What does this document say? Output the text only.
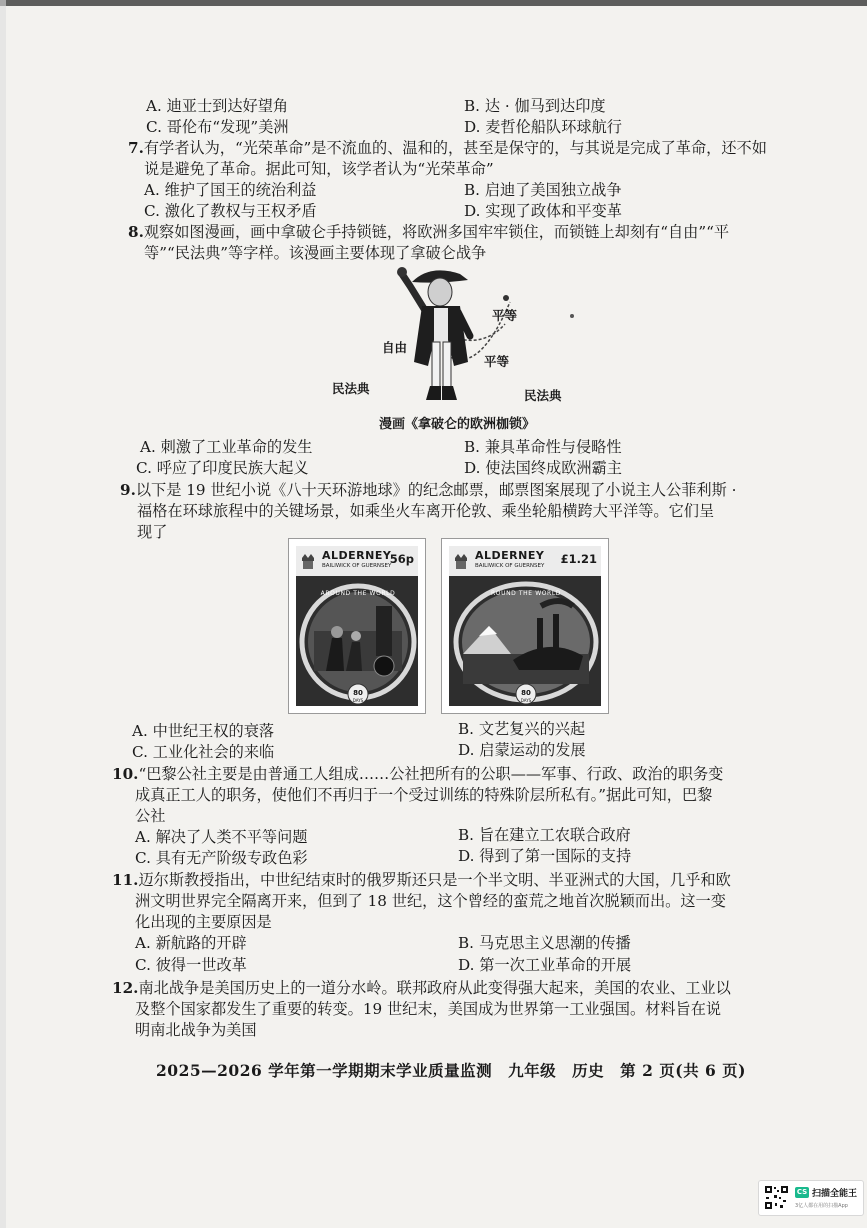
A. 迪亚士到达好望角	B. 达 · 伽马到达印度
C. 哥伦布“发现”美洲	D. 麦哲伦船队环球航行
7.有学者认为，“光荣革命”是不流血的、温和的，甚至是保守的，与其说是完成了革命，还不如
说是避免了革命。据此可知，该学者认为“光荣革命”
A. 维护了国王的统治利益	B. 启迪了美国独立战争
C. 激化了教权与王权矛盾	D. 实现了政体和平变革
8.观察如图漫画，画中拿破仑手持锁链，将欧洲多国牢牢锁住，而锁链上却刻有“自由”“平
等”“民法典”等字样。该漫画主要体现了拿破仑战争
自由
平等
平等
民法典	民法典
漫画《拿破仑的欧洲枷锁》
A. 刺激了工业革命的发生	B. 兼具革命性与侵略性
C. 呼应了印度民族大起义	D. 使法国终成欧洲霸主
9.以下是 19 世纪小说《八十天环游地球》的纪念邮票，邮票图案展现了小说主人公菲利斯 ·
福格在环球旅程中的关键场景，如乘坐火车离开伦敦、乘坐轮船横跨大平洋等。它们呈
现了
ALDERNEY
BAILIWICK OF GUERNSEY
56p
80
DAYS
AROUND THE WORLD
ALDERNEY
BAILIWICK OF GUERNSEY £1.21
80
DAYS
ROUND THE WORLD
A. 中世纪王权的衰落	B. 文艺复兴的兴起
C. 工业化社会的来临	D. 启蒙运动的发展
10.“巴黎公社主要是由普通工人组成……公社把所有的公职——军事、行政、政治的职务变
成真正工人的职务，使他们不再归于一个受过训练的特殊阶层所私有。”据此可知，巴黎
公社
A. 解决了人类不平等问题	B. 旨在建立工农联合政府
C. 具有无产阶级专政色彩	D. 得到了第一国际的支持
11.迈尔斯教授指出，中世纪结束时的俄罗斯还只是一个半文明、半亚洲式的大国，几乎和欧
洲文明世界完全隔离开来，但到了 18 世纪，这个曾经的蛮荒之地首次脱颖而出。这一变
化出现的主要原因是
A. 新航路的开辟	B. 马克思主义思潮的传播
C. 彼得一世改革	D. 第一次工业革命的开展
12.南北战争是美国历史上的一道分水岭。联邦政府从此变得强大起来，美国的农业、工业以
及整个国家都发生了重要的转变。19 世纪末，美国成为世界第一工业强国。材料旨在说
明南北战争为美国
2025—2026 学年第一学期期末学业质量监测　九年级　历史　第 2 页(共 6 页)
CS 扫描全能王
3亿人都在用的扫描App
